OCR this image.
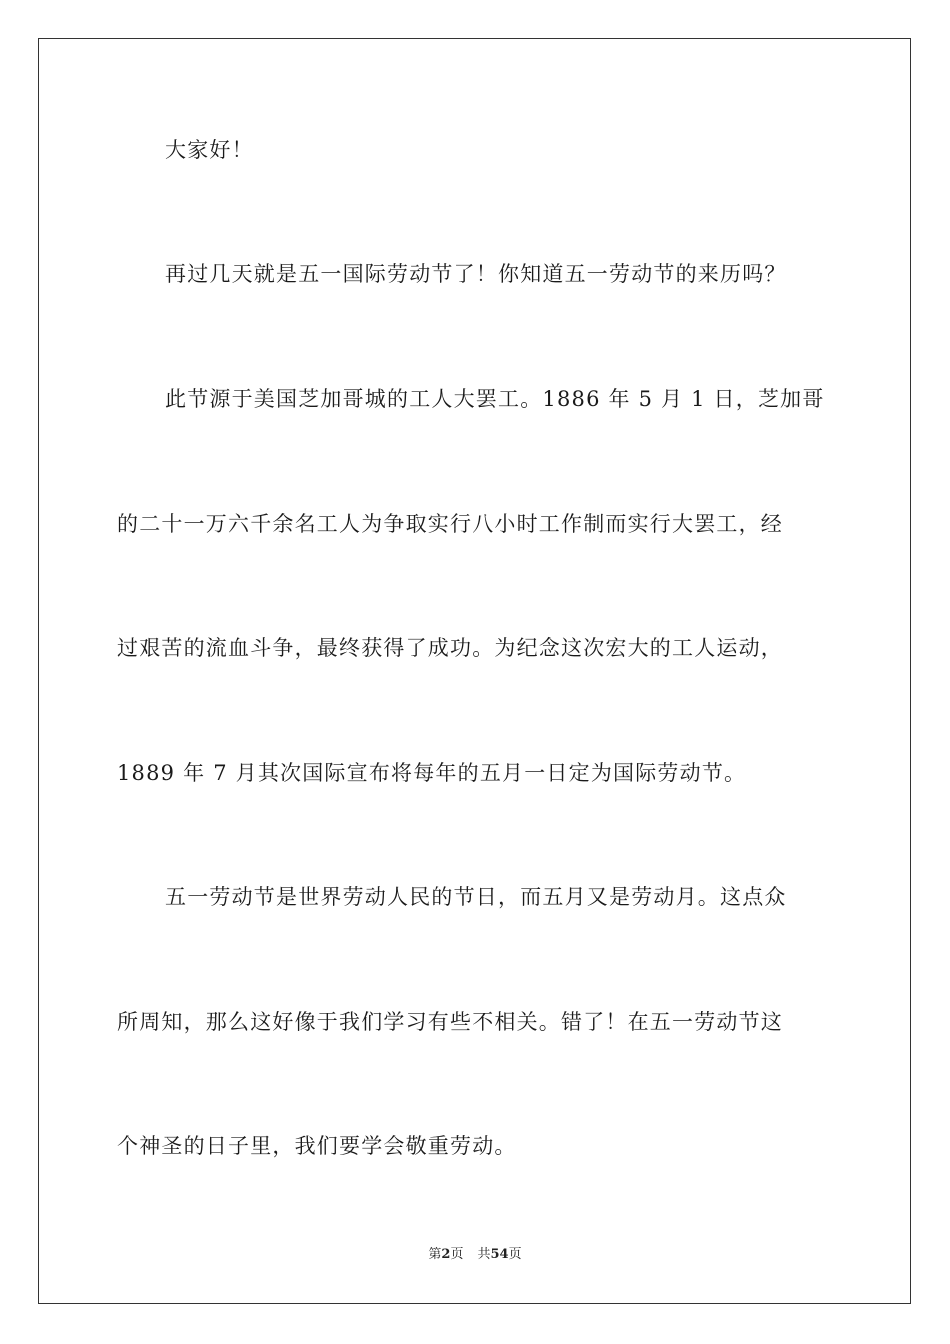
大家好！
再过几天就是五一国际劳动节了！你知道五一劳动节的来历吗？
此节源于美国芝加哥城的工人大罢工。1886 年 5 月 1 日，芝加哥
的二十一万六千余名工人为争取实行八小时工作制而实行大罢工，经
过艰苦的流血斗争，最终获得了成功。为纪念这次宏大的工人运动，
1889 年 7 月其次国际宣布将每年的五月一日定为国际劳动节。
五一劳动节是世界劳动人民的节日，而五月又是劳动月。这点众
所周知，那么这好像于我们学习有些不相关。错了！在五一劳动节这
个神圣的日子里，我们要学会敬重劳动。
第2页 共54页
